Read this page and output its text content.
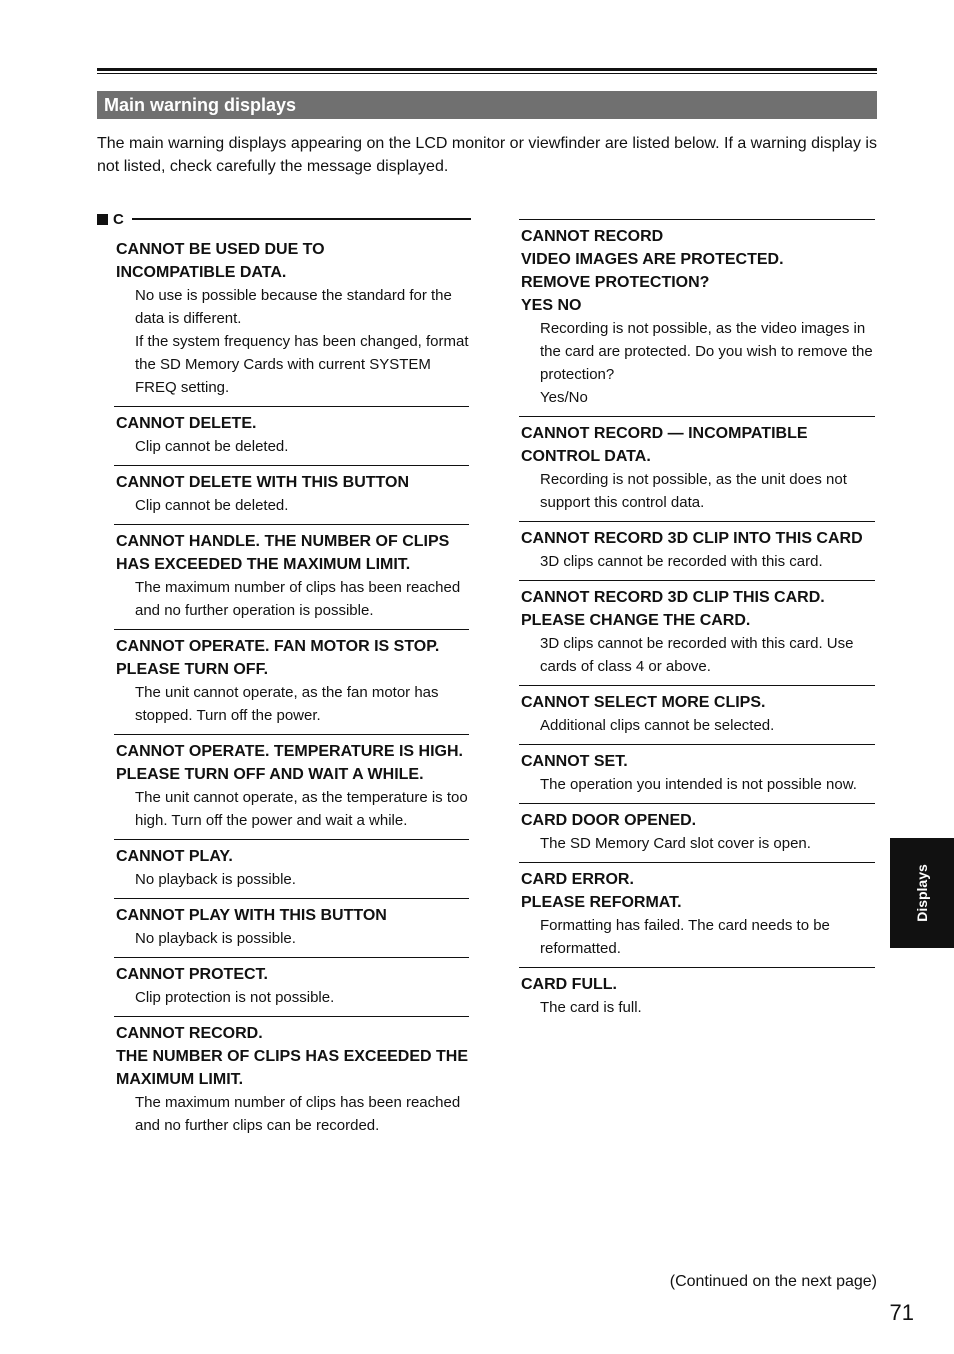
Main warning displays

The main warning displays appearing on the LCD monitor or viewfinder are listed below. If a warning display is not listed, check carefully the message displayed.

C
CANNOT BE USED DUE TO
INCOMPATIBLE DATA.
No use is possible because the standard for the data is different.
If the system frequency has been changed, format the SD Memory Cards with current SYSTEM FREQ setting.
CANNOT DELETE.
Clip cannot be deleted.
CANNOT DELETE WITH THIS BUTTON
Clip cannot be deleted.
CANNOT HANDLE. THE NUMBER OF CLIPS HAS EXCEEDED THE MAXIMUM LIMIT.
The maximum number of clips has been reached and no further operation is possible.
CANNOT OPERATE. FAN MOTOR IS STOP. PLEASE TURN OFF.
The unit cannot operate, as the fan motor has stopped. Turn off the power.
CANNOT OPERATE. TEMPERATURE IS HIGH. PLEASE TURN OFF AND WAIT A WHILE.
The unit cannot operate, as the temperature is too high. Turn off the power and wait a while.
CANNOT PLAY.
No playback is possible.
CANNOT PLAY WITH THIS BUTTON
No playback is possible.
CANNOT PROTECT.
Clip protection is not possible.
CANNOT RECORD.
THE NUMBER OF CLIPS HAS EXCEEDED THE MAXIMUM LIMIT.
The maximum number of clips has been reached and no further clips can be recorded.
CANNOT RECORD
VIDEO IMAGES ARE PROTECTED.
REMOVE PROTECTION?
YES NO
Recording is not possible, as the video images in the card are protected. Do you wish to remove the protection?
Yes/No
CANNOT RECORD — INCOMPATIBLE CONTROL DATA.
Recording is not possible, as the unit does not support this control data.
CANNOT RECORD 3D CLIP INTO THIS CARD
3D clips cannot be recorded with this card.
CANNOT RECORD 3D CLIP THIS CARD.
PLEASE CHANGE THE CARD.
3D clips cannot be recorded with this card. Use cards of class 4 or above.
CANNOT SELECT MORE CLIPS.
Additional clips cannot be selected.
CANNOT SET.
The operation you intended is not possible now.
CARD DOOR OPENED.
The SD Memory Card slot cover is open.
CARD ERROR.
PLEASE REFORMAT.
Formatting has failed. The card needs to be reformatted.
CARD FULL.
The card is full.
Displays
(Continued on the next page)
71
